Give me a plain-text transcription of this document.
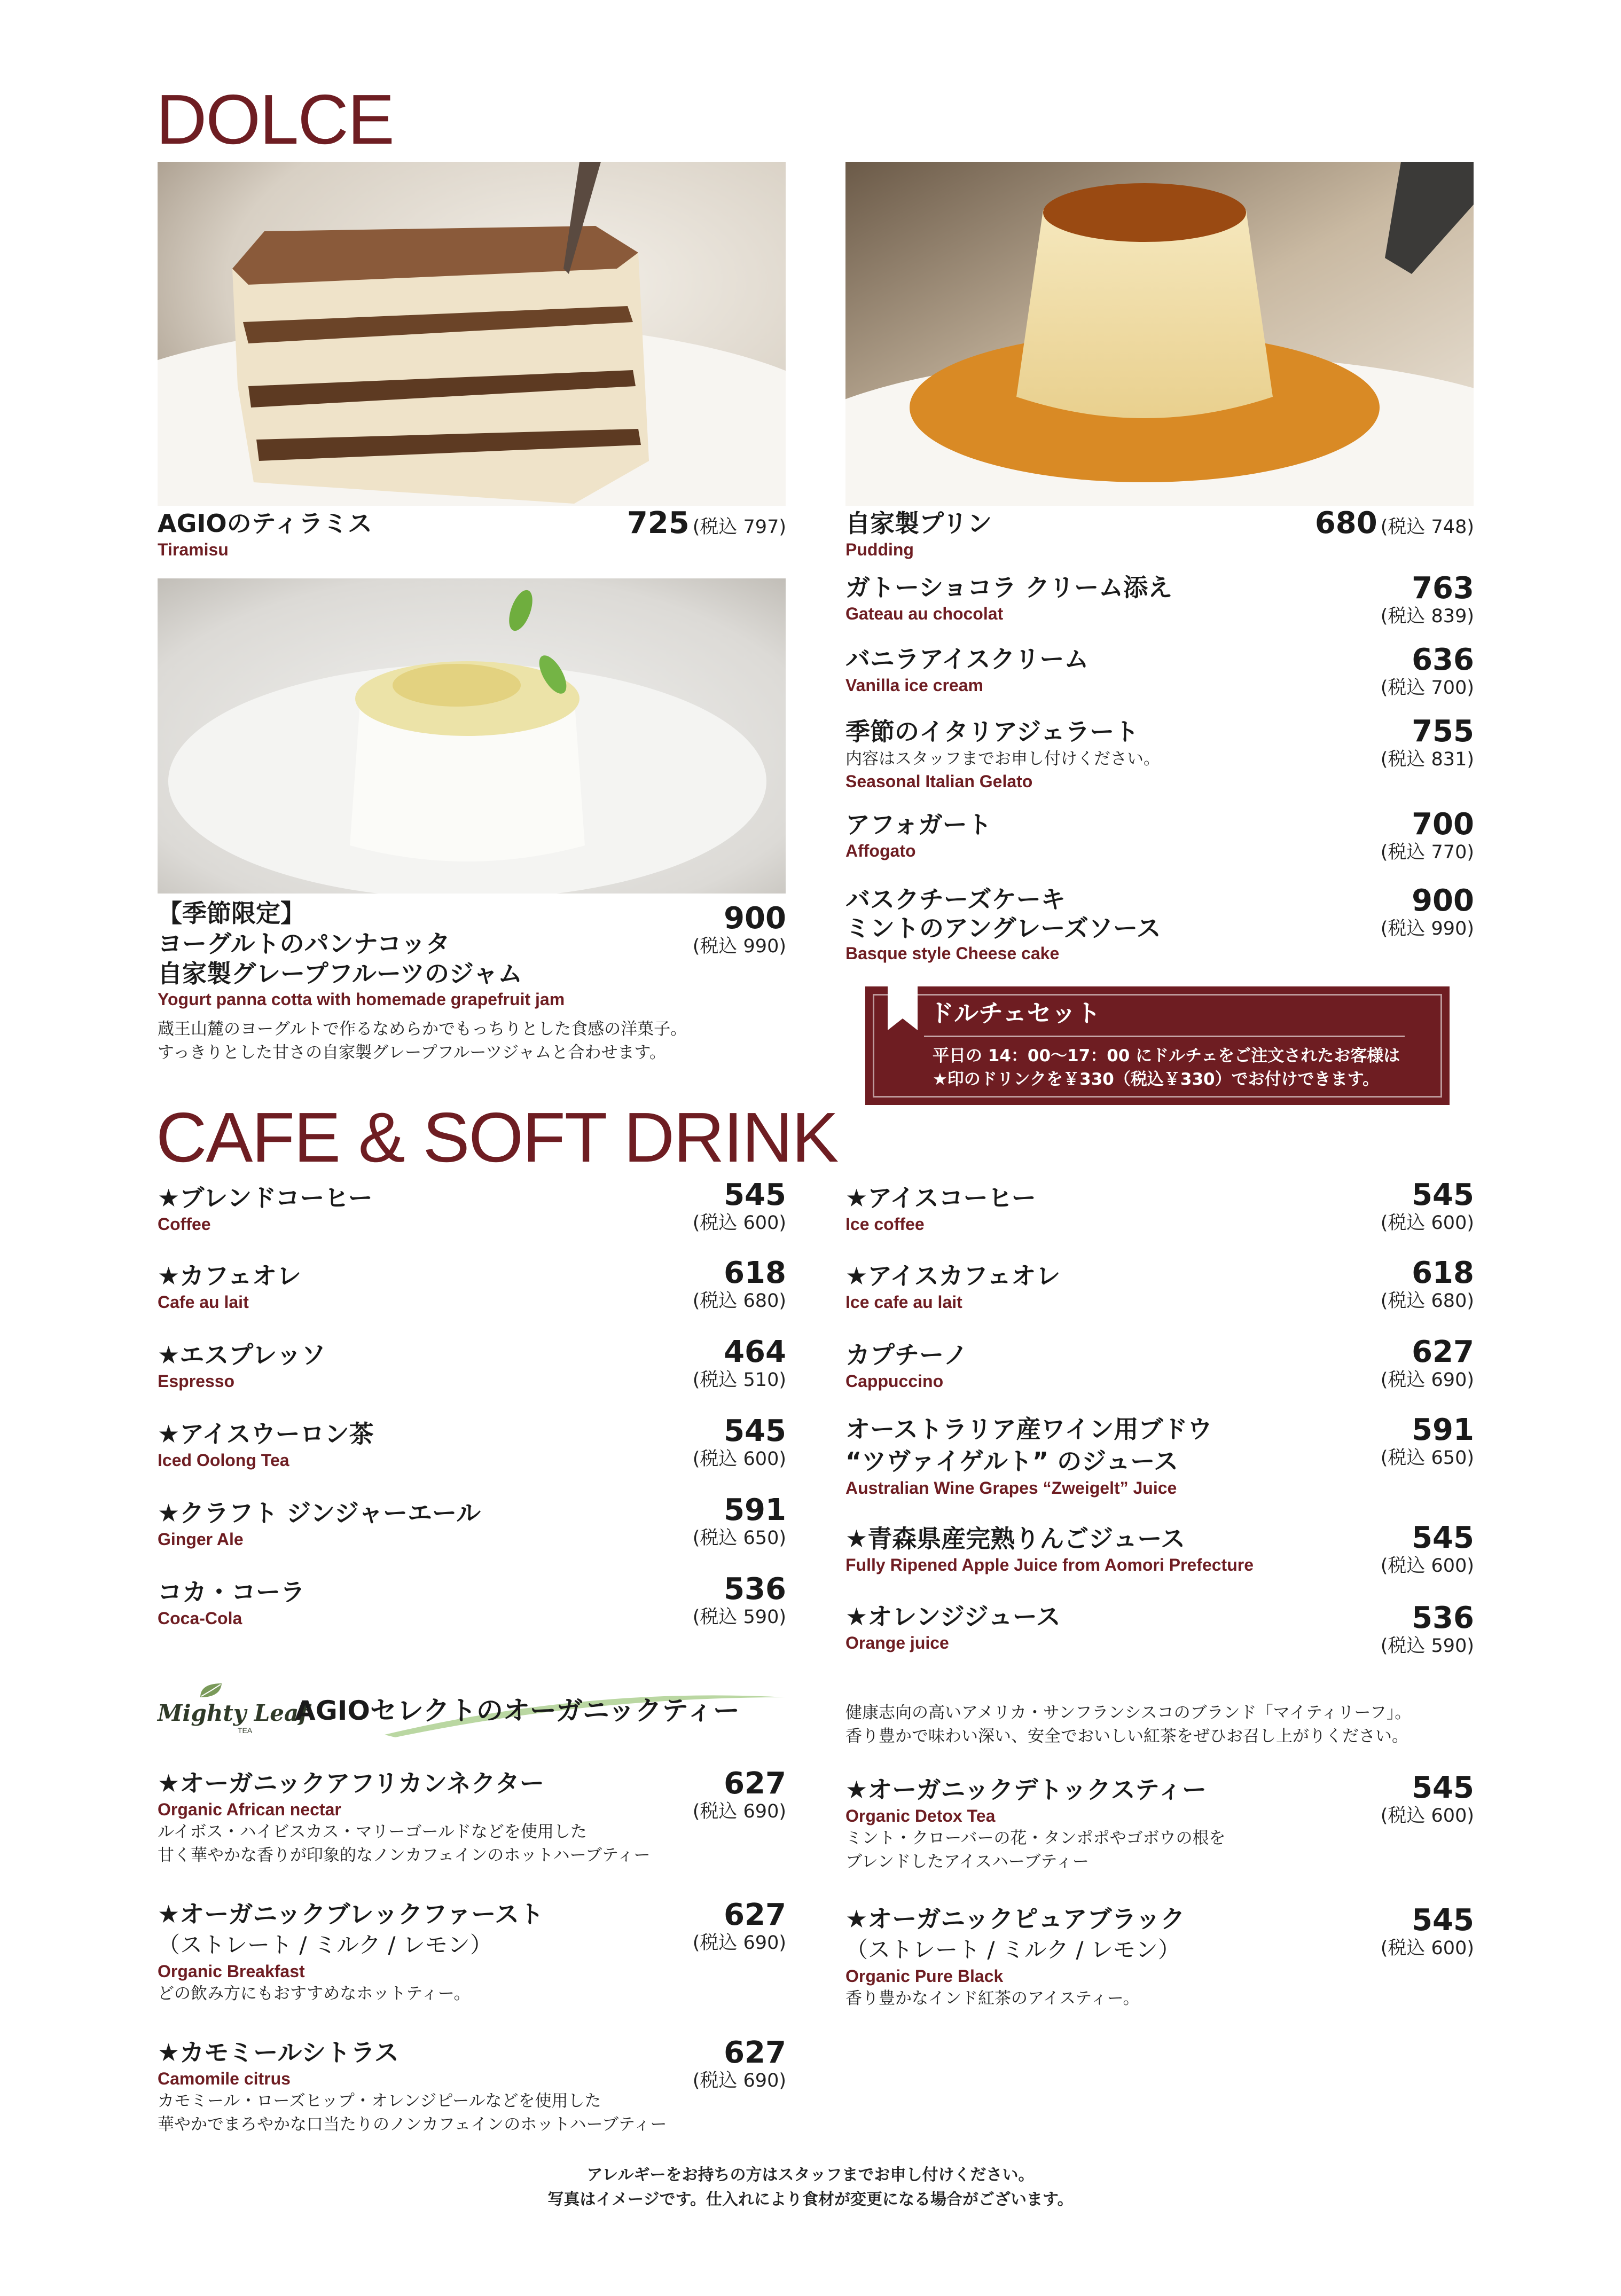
DOLCE
AGIOのティラミス
Tiramisu
725 (税込 797) 自家製プリン
Pudding
680 (税込 748)
【季節限定】
ヨーグルトのパンナコッタ
自家製グレープフルーツのジャム
Yogurt panna cotta with homemade grapefruit jam
蔵王山麓のヨーグルトで作るなめらかでもっちりとした食感の洋菓子。
すっきりとした甘さの自家製グレープフルーツジャムと合わせます。
900
(税込 990)
ガトーショコラ クリーム添え
Gateau au chocolat
763
(税込 839)
バニラアイスクリーム
Vanilla ice cream
636
(税込 700)
季節のイタリアジェラート
内容はスタッフまでお申し付けください。
Seasonal Italian Gelato
755
(税込 831)
アフォガート
Affogato
700
(税込 770)
バスクチーズケーキ
ミントのアングレーズソース
Basque style Cheese cake
900
(税込 990)
ドルチェセット
平日の 14：00～17：00 にドルチェをご注文されたお客様は
★印のドリンクを￥330（税込￥330）でお付けできます。
CAFE & SOFT DRINK
★ブレンドコーヒー
Coffee
545
(税込 600)
★カフェオレ
Cafe au lait
618
(税込 680)
★エスプレッソ
Espresso
464
(税込 510)
★アイスウーロン茶
Iced Oolong Tea
545
(税込 600)
★クラフト ジンジャーエール
Ginger Ale
591
(税込 650)
コカ・コーラ
Coca-Cola
536
(税込 590)
★アイスコーヒー
Ice coffee
545
(税込 600)
★アイスカフェオレ
Ice cafe au lait
618
(税込 680)
カプチーノ
Cappuccino
627
(税込 690)
オーストラリア産ワイン用ブドウ
“ツヴァイゲルト” のジュース
Australian Wine Grapes “Zweigelt” Juice
591
(税込 650)
★青森県産完熟りんごジュース
Fully Ripened Apple Juice from Aomori Prefecture
545
(税込 600)
★オレンジジュース
Orange juice
536
(税込 590)
Mighty Leaf
TEA
AGIOセレクトのオーガニックティー	健康志向の高いアメリカ・サンフランシスコのブランド「マイティリーフ」。
香り豊かで味わい深い、安全でおいしい紅茶をぜひお召し上がりください。
★オーガニックアフリカンネクター
Organic African nectar
ルイボス・ハイビスカス・マリーゴールドなどを使用した
甘く華やかな香りが印象的なノンカフェインのホットハーブティー
627
(税込 690)
★オーガニックブレックファースト
（ストレート / ミルク / レモン）
Organic Breakfast
どの飲み方にもおすすめなホットティー。
627
(税込 690)
★カモミールシトラス
Camomile citrus
カモミール・ローズヒップ・オレンジピールなどを使用した
華やかでまろやかな口当たりのノンカフェインのホットハーブティー
627
(税込 690)
★オーガニックデトックスティー
Organic Detox Tea
ミント・クローバーの花・タンポポやゴボウの根を
ブレンドしたアイスハーブティー
545
(税込 600)
★オーガニックピュアブラック
（ストレート / ミルク / レモン）
Organic Pure Black
香り豊かなインド紅茶のアイスティー。
545
(税込 600)
アレルギーをお持ちの方はスタッフまでお申し付けください。
写真はイメージです。仕入れにより食材が変更になる場合がございます。
